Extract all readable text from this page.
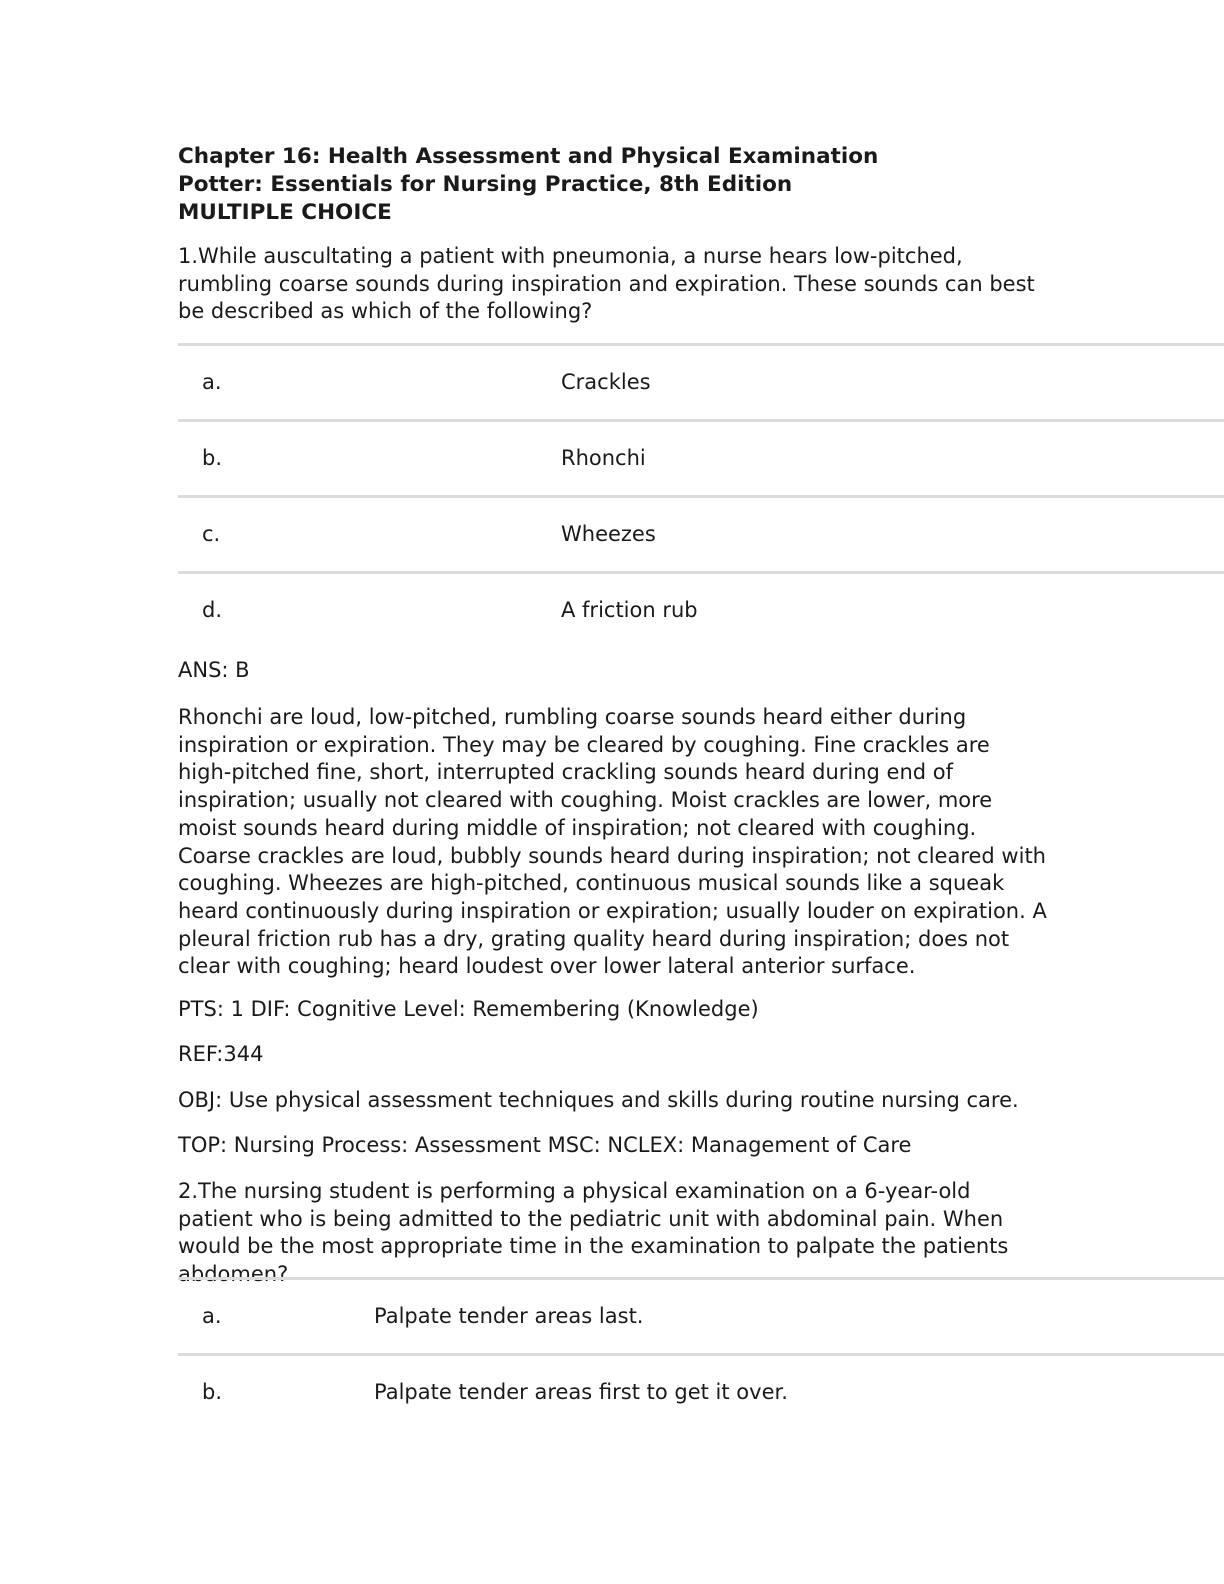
Chapter 16: Health Assessment and Physical Examination
Potter: Essentials for Nursing Practice, 8th Edition
MULTIPLE CHOICE
1.While auscultating a patient with pneumonia, a nurse hears low-pitched, rumbling coarse sounds during inspiration and expiration. These sounds can best be described as which of the following?
a.	Crackles
b.	Rhonchi
c.	Wheezes
d.	A friction rub
ANS: B
Rhonchi are loud, low-pitched, rumbling coarse sounds heard either during inspiration or expiration. They may be cleared by coughing. Fine crackles are high-pitched fine, short, interrupted crackling sounds heard during end of inspiration; usually not cleared with coughing. Moist crackles are lower, more moist sounds heard during middle of inspiration; not cleared with coughing. Coarse crackles are loud, bubbly sounds heard during inspiration; not cleared with coughing. Wheezes are high-pitched, continuous musical sounds like a squeak heard continuously during inspiration or expiration; usually louder on expiration. A pleural friction rub has a dry, grating quality heard during inspiration; does not clear with coughing; heard loudest over lower lateral anterior surface.
PTS: 1 DIF: Cognitive Level: Remembering (Knowledge)
REF:344
OBJ: Use physical assessment techniques and skills during routine nursing care.
TOP: Nursing Process: Assessment MSC: NCLEX: Management of Care
2.The nursing student is performing a physical examination on a 6-year-old patient who is being admitted to the pediatric unit with abdominal pain. When would be the most appropriate time in the examination to palpate the patients abdomen?
a.	Palpate tender areas last.
b.	Palpate tender areas first to get it over.
